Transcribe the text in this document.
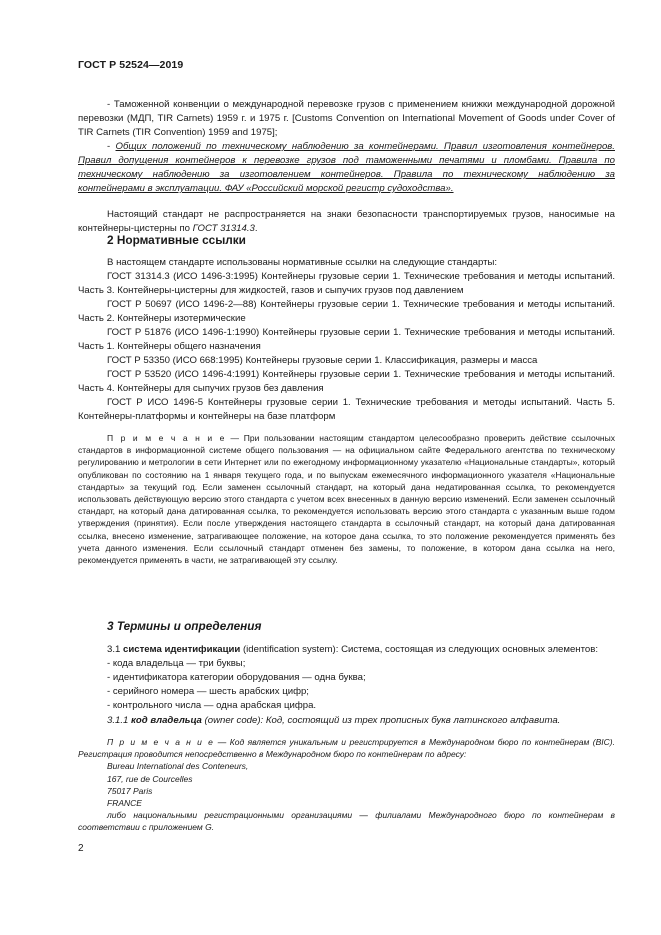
ГОСТ Р 52524—2019

- Таможенной конвенции о международной перевозке грузов с применением книжки международной дорожной перевозки (МДП, TIR Carnets) 1959 г. и 1975 г. [Customs Convention on International Movement of Goods under Cover of TIR Carnets (TIR Convention) 1959 and 1975];

- Общих положений по техническому наблюдению за контейнерами. Правил изготовления контейнеров. Правил допущения контейнеров к перевозке грузов под таможенными печатями и пломбами. Правила по техническому наблюдению за изготовлением контейнеров. Правила по техническому наблюдению за контейнерами в эксплуатации. ФАУ «Российский морской регистр судоходства».

Настоящий стандарт не распространяется на знаки безопасности транспортируемых грузов, наносимые на контейнеры-цистерны по ГОСТ 31314.3.

2 Нормативные ссылки

В настоящем стандарте использованы нормативные ссылки на следующие стандарты:

ГОСТ 31314.3 (ИСО 1496-3:1995) Контейнеры грузовые серии 1. Технические требования и методы испытаний. Часть 3. Контейнеры-цистерны для жидкостей, газов и сыпучих грузов под давлением

ГОСТ Р 50697 (ИСО 1496-2—88) Контейнеры грузовые серии 1. Технические требования и методы испытаний. Часть 2. Контейнеры изотермические

ГОСТ Р 51876 (ИСО 1496-1:1990) Контейнеры грузовые серии 1. Технические требования и методы испытаний. Часть 1. Контейнеры общего назначения

ГОСТ Р 53350 (ИСО 668:1995) Контейнеры грузовые серии 1. Классификация, размеры и масса

ГОСТ Р 53520 (ИСО 1496-4:1991) Контейнеры грузовые серии 1. Технические требования и методы испытаний. Часть 4. Контейнеры для сыпучих грузов без давления

ГОСТ Р ИСО 1496-5 Контейнеры грузовые серии 1. Технические требования и методы испытаний. Часть 5. Контейнеры-платформы и контейнеры на базе платформ

П р и м е ч а н и е — При пользовании настоящим стандартом целесообразно проверить действие ссылочных стандартов в информационной системе общего пользования — на официальном сайте Федерального агентства по техническому регулированию и метрологии в сети Интернет или по ежегодному информационному указателю «Национальные стандарты», который опубликован по состоянию на 1 января текущего года, и по выпускам ежемесячного информационного указателя «Национальные стандарты» за текущий год. Если заменен ссылочный стандарт, на который дана недатированная ссылка, то рекомендуется использовать действующую версию этого стандарта с учетом всех внесенных в данную версию изменений. Если заменен ссылочный стандарт, на который дана датированная ссылка, то рекомендуется использовать версию этого стандарта с указанным выше годом утверждения (принятия). Если после утверждения настоящего стандарта в ссылочный стандарт, на который дана датированная ссылка, внесено изменение, затрагивающее положение, на которое дана ссылка, то это положение рекомендуется применять без учета данного изменения. Если ссылочный стандарт отменен без замены, то положение, в котором дана ссылка на него, рекомендуется применять в части, не затрагивающей эту ссылку.

3 Термины и определения

3.1 система идентификации (identification system): Система, состоящая из следующих основных элементов:

- кода владельца — три буквы;

- идентификатора категории оборудования — одна буква;

- серийного номера — шесть арабских цифр;

- контрольного числа — одна арабская цифра.

3.1.1 код владельца (owner code): Код, состоящий из трех прописных букв латинского алфавита.

П р и м е ч а н и е — Код является уникальным и регистрируется в Международном бюро по контейнерам (BIC). Регистрация проводится непосредственно в Международном бюро по контейнерам по адресу:

Bureau International des Conteneurs,
167, rue de Courcelles
75017 Paris
FRANCE

либо национальными регистрационными организациями — филиалами Международного бюро по контейнерам в соответствии с приложением G.

2
